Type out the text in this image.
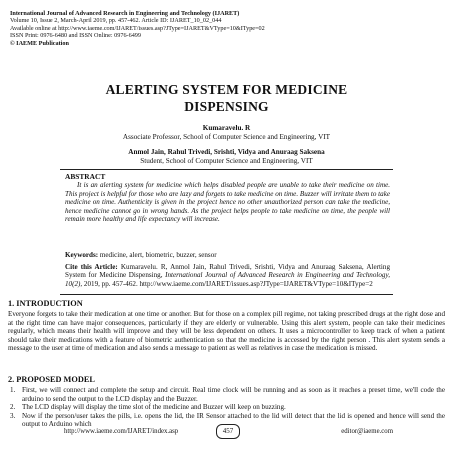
International Journal of Advanced Research in Engineering and Technology (IJARET)
Volume 10, Issue 2, March-April 2019, pp. 457-462. Article ID: IJARET_10_02_044
Available online at http://www.iaeme.com/IJARET/issues.asp?JType=IJARET&VType=10&IType=02
ISSN Print: 0976-6480 and ISSN Online: 0976-6499
© IAEME Publication
ALERTING SYSTEM FOR MEDICINE
DISPENSING
Kumaravelu. R
Associate Professor, School of Computer Science and Engineering, VIT
Anmol Jain, Rahul Trivedi, Srishti, Vidya and Anuraag Saksena
Student, School of Computer Science and Engineering, VIT
ABSTRACT
It is an alerting system for medicine which helps disabled people are unable to take their medicine on time. This project is helpful for those who are lazy and forgets to take medicine on time. Buzzer will irritate them to take medicine on time. Authenticity is given in the project hence no other unauthorized person can take the medicine, hence medicine cannot go in wrong hands. As the project helps people to take medicine on time, the people will remain more healthy and life expectancy will increase.
Keywords: medicine, alert, biometric, buzzer, sensor
Cite this Article: Kumaravelu. R, Anmol Jain, Rahul Trivedi, Srishti, Vidya and Anuraag Saksena, Alerting System for Medicine Dispensing, International Journal of Advanced Research in Engineering and Technology, 10(2), 2019, pp. 457-462. http://www.iaeme.com/IJARET/issues.asp?JType=IJARET&VType=10&IType=2
1. INTRODUCTION
Everyone forgets to take their medication at one time or another. But for those on a complex pill regime, not taking prescribed drugs at the right dose and at the right time can have major consequences, particularly if they are elderly or vulnerable. Using this alert system, people can take their medicines regularly, which means their health will improve and they will be less dependent on others. It uses a microcontroller to keep track of when a patient should take their medications with a feature of biometric authentication so that the medicine is accessed by the right person . This alert system sends a message to the user at time of medication and also sends a message to patient as well as relatives in case the medication is missed.
2. PROPOSED MODEL
1. First, we will connect and complete the setup and circuit. Real time clock will be running and as soon as it reaches a preset time, we'll code the arduino to send the output to the LCD display and the Buzzer.
2. The LCD display will display the time slot of the medicine and Buzzer will keep on buzzing.
3. Now if the person/user takes the pills, i.e. opens the lid, the IR Sensor attached to the lid will detect that the lid is opened and hence will send the output to Arduino which
http://www.iaeme.com/IJARET/index.asp	457	editor@iaeme.com
